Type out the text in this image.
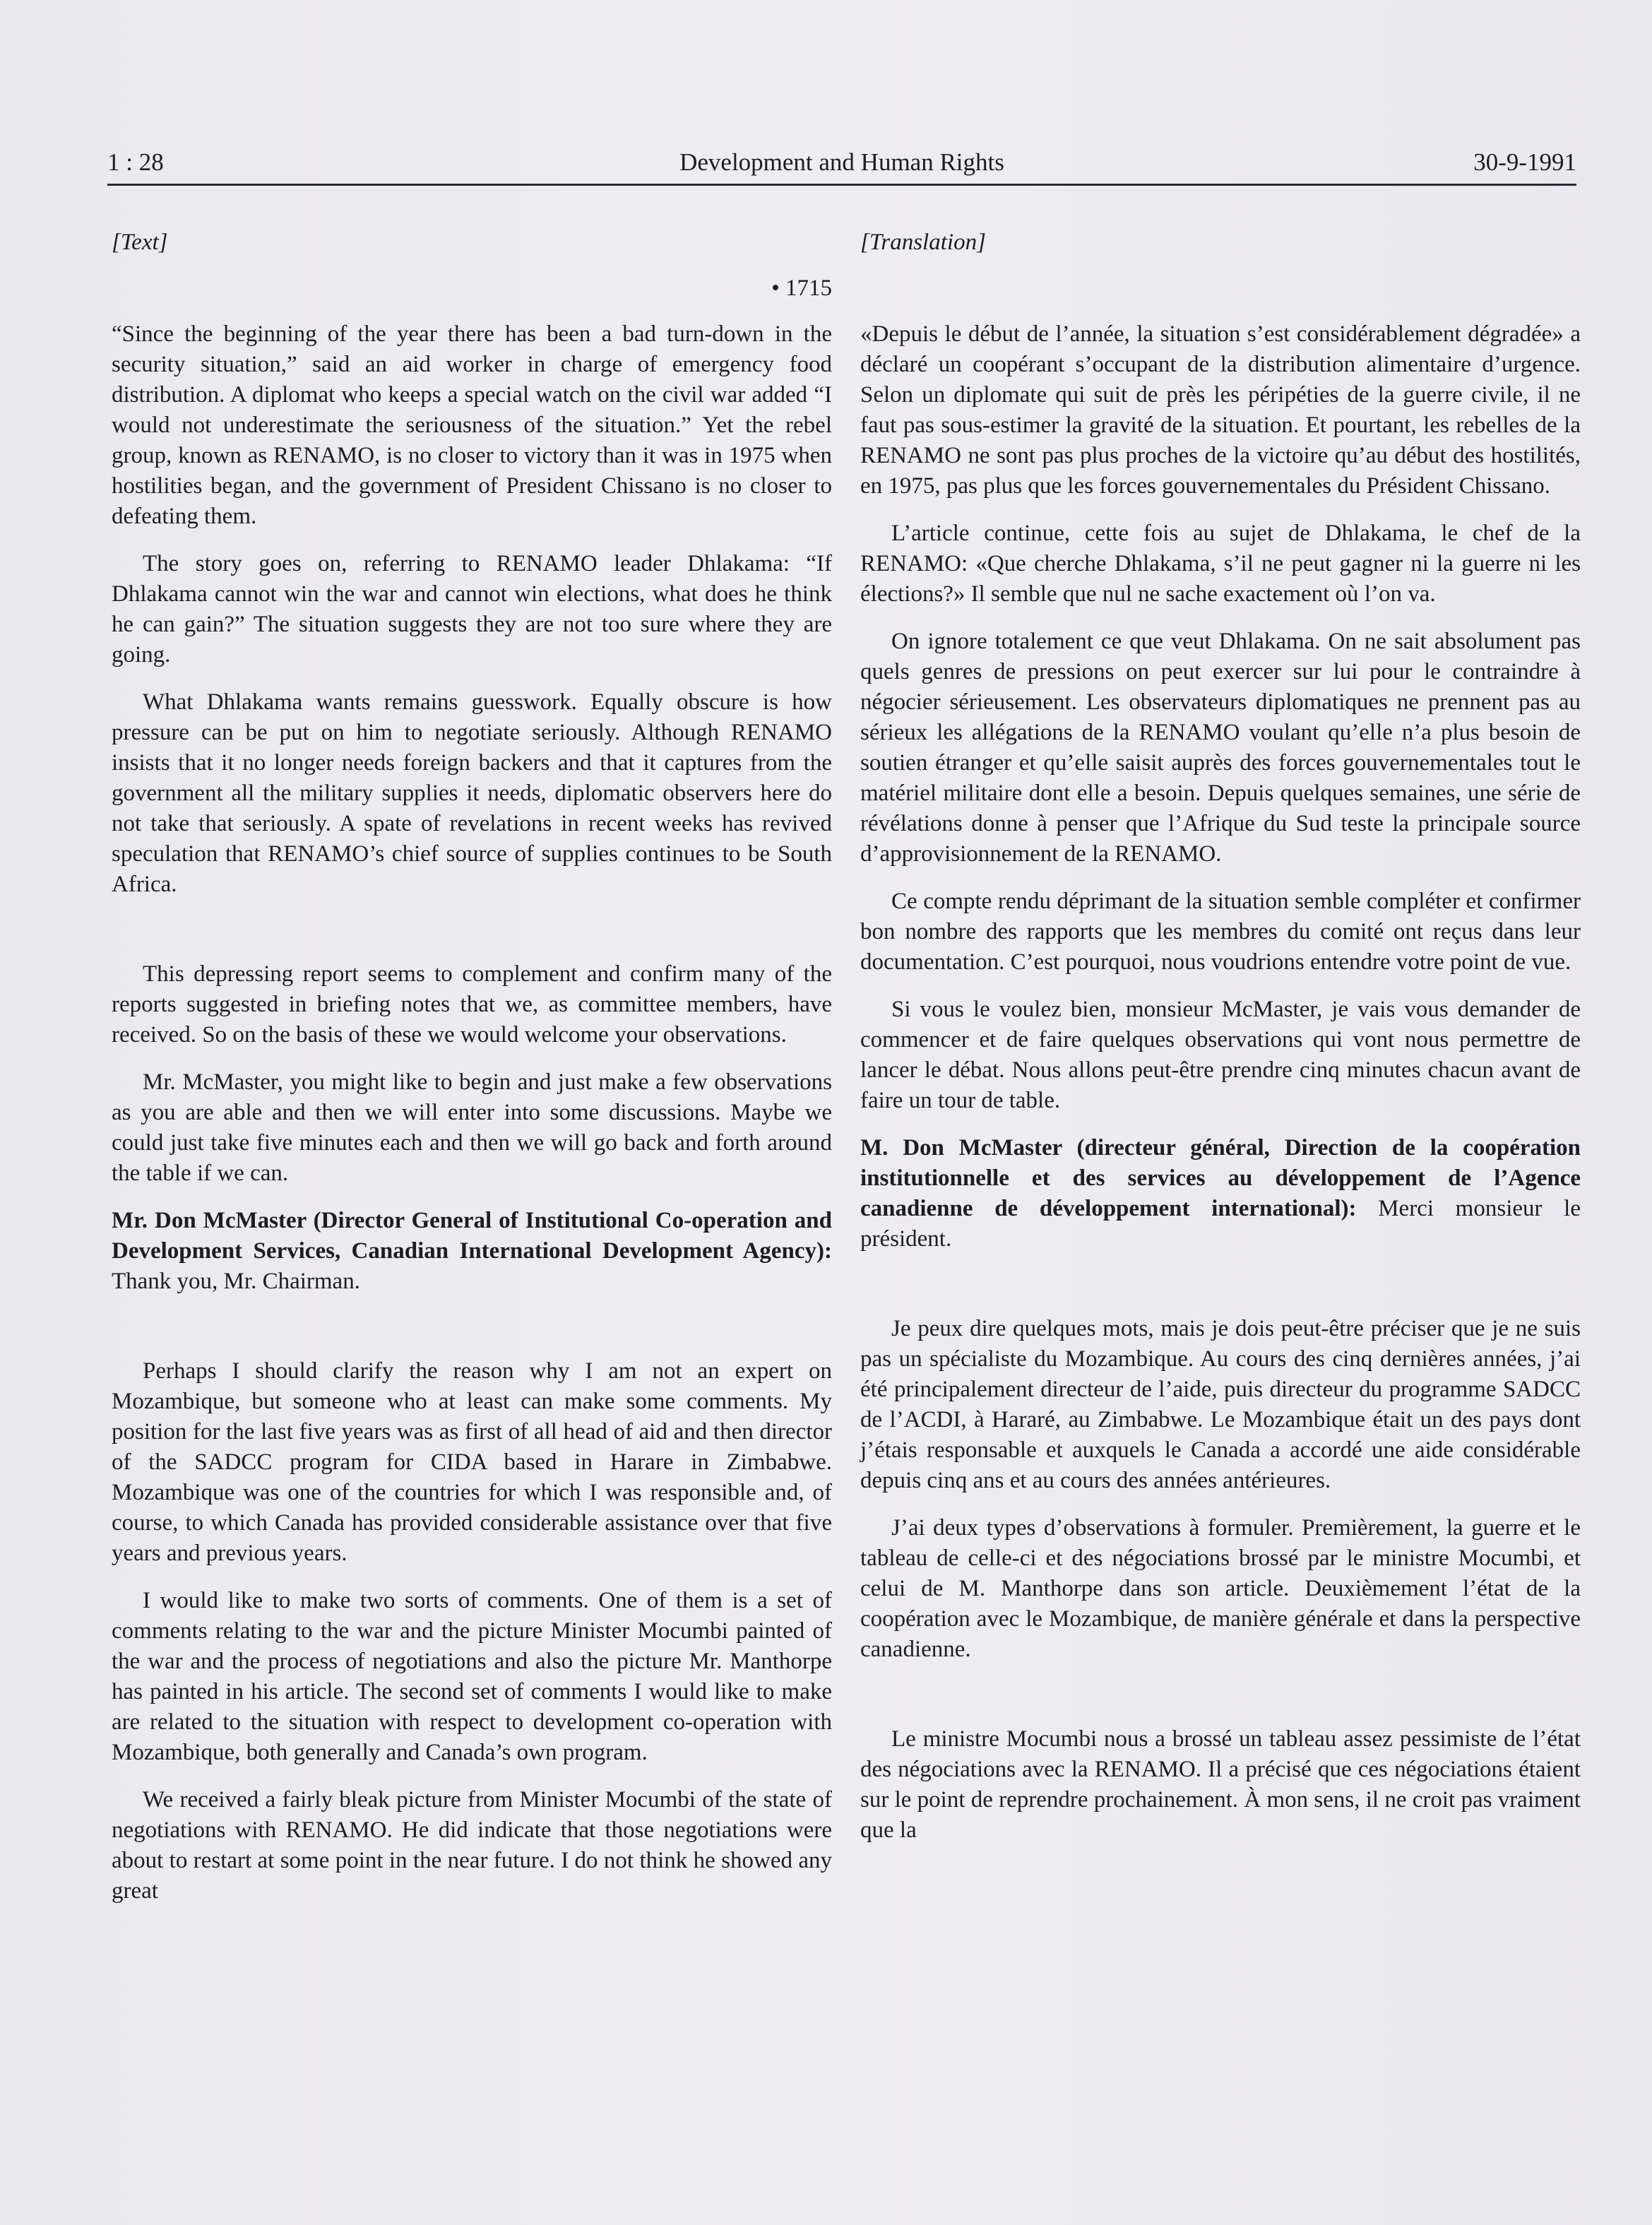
1 : 28	Development and Human Rights	30-9-1991
[Text]
• 1715

“Since the beginning of the year there has been a bad turn-down in the security situation,” said an aid worker in charge of emergency food distribution. A diplomat who keeps a special watch on the civil war added “I would not underestimate the seriousness of the situation.” Yet the rebel group, known as RENAMO, is no closer to victory than it was in 1975 when hostilities began, and the government of President Chissano is no closer to defeating them.

The story goes on, referring to RENAMO leader Dhlakama: “If Dhlakama cannot win the war and cannot win elections, what does he think he can gain?” The situation suggests they are not too sure where they are going.

What Dhlakama wants remains guesswork. Equally obscure is how pressure can be put on him to negotiate seriously. Although RENAMO insists that it no longer needs foreign backers and that it captures from the government all the military supplies it needs, diplomatic observers here do not take that seriously. A spate of revelations in recent weeks has revived speculation that RENAMO’s chief source of supplies continues to be South Africa.

This depressing report seems to complement and confirm many of the reports suggested in briefing notes that we, as committee members, have received. So on the basis of these we would welcome your observations.

Mr. McMaster, you might like to begin and just make a few observations as you are able and then we will enter into some discussions. Maybe we could just take five minutes each and then we will go back and forth around the table if we can.

Mr. Don McMaster (Director General of Institutional Co-operation and Development Services, Canadian International Development Agency): Thank you, Mr. Chairman.

Perhaps I should clarify the reason why I am not an expert on Mozambique, but someone who at least can make some comments. My position for the last five years was as first of all head of aid and then director of the SADCC program for CIDA based in Harare in Zimbabwe. Mozambique was one of the countries for which I was responsible and, of course, to which Canada has provided considerable assistance over that five years and previous years.

I would like to make two sorts of comments. One of them is a set of comments relating to the war and the picture Minister Mocumbi painted of the war and the process of negotiations and also the picture Mr. Manthorpe has painted in his article. The second set of comments I would like to make are related to the situation with respect to development co-operation with Mozambique, both generally and Canada’s own program.

We received a fairly bleak picture from Minister Mocumbi of the state of negotiations with RENAMO. He did indicate that those negotiations were about to restart at some point in the near future. I do not think he showed any great

[Translation]

«Depuis le début de l’année, la situation s’est considérablement dégradée» a déclaré un coopérant s’occupant de la distribution alimentaire d’urgence. Selon un diplomate qui suit de près les péripéties de la guerre civile, il ne faut pas sous-estimer la gravité de la situation. Et pourtant, les rebelles de la RENAMO ne sont pas plus proches de la victoire qu’au début des hostilités, en 1975, pas plus que les forces gouvernementales du Président Chissano.

L’article continue, cette fois au sujet de Dhlakama, le chef de la RENAMO: «Que cherche Dhlakama, s’il ne peut gagner ni la guerre ni les élections?» Il semble que nul ne sache exactement où l’on va.

On ignore totalement ce que veut Dhlakama. On ne sait absolument pas quels genres de pressions on peut exercer sur lui pour le contraindre à négocier sérieusement. Les observateurs diplomatiques ne prennent pas au sérieux les allégations de la RENAMO voulant qu’elle n’a plus besoin de soutien étranger et qu’elle saisit auprès des forces gouvernementales tout le matériel militaire dont elle a besoin. Depuis quelques semaines, une série de révélations donne à penser que l’Afrique du Sud teste la principale source d’approvisionnement de la RENAMO.

Ce compte rendu déprimant de la situation semble compléter et confirmer bon nombre des rapports que les membres du comité ont reçus dans leur documentation. C’est pourquoi, nous voudrions entendre votre point de vue.

Si vous le voulez bien, monsieur McMaster, je vais vous demander de commencer et de faire quelques observations qui vont nous permettre de lancer le débat. Nous allons peut-être prendre cinq minutes chacun avant de faire un tour de table.

M. Don McMaster (directeur général, Direction de la coopération institutionnelle et des services au développement de l’Agence canadienne de développement international): Merci monsieur le président.

Je peux dire quelques mots, mais je dois peut-être préciser que je ne suis pas un spécialiste du Mozambique. Au cours des cinq dernières années, j’ai été principalement directeur de l’aide, puis directeur du programme SADCC de l’ACDI, à Hararé, au Zimbabwe. Le Mozambique était un des pays dont j’étais responsable et auxquels le Canada a accordé une aide considérable depuis cinq ans et au cours des années antérieures.

J’ai deux types d’observations à formuler. Premièrement, la guerre et le tableau de celle-ci et des négociations brossé par le ministre Mocumbi, et celui de M. Manthorpe dans son article. Deuxièmement l’état de la coopération avec le Mozambique, de manière générale et dans la perspective canadienne.

Le ministre Mocumbi nous a brossé un tableau assez pessimiste de l’état des négociations avec la RENAMO. Il a précisé que ces négociations étaient sur le point de reprendre prochainement. À mon sens, il ne croit pas vraiment que la
